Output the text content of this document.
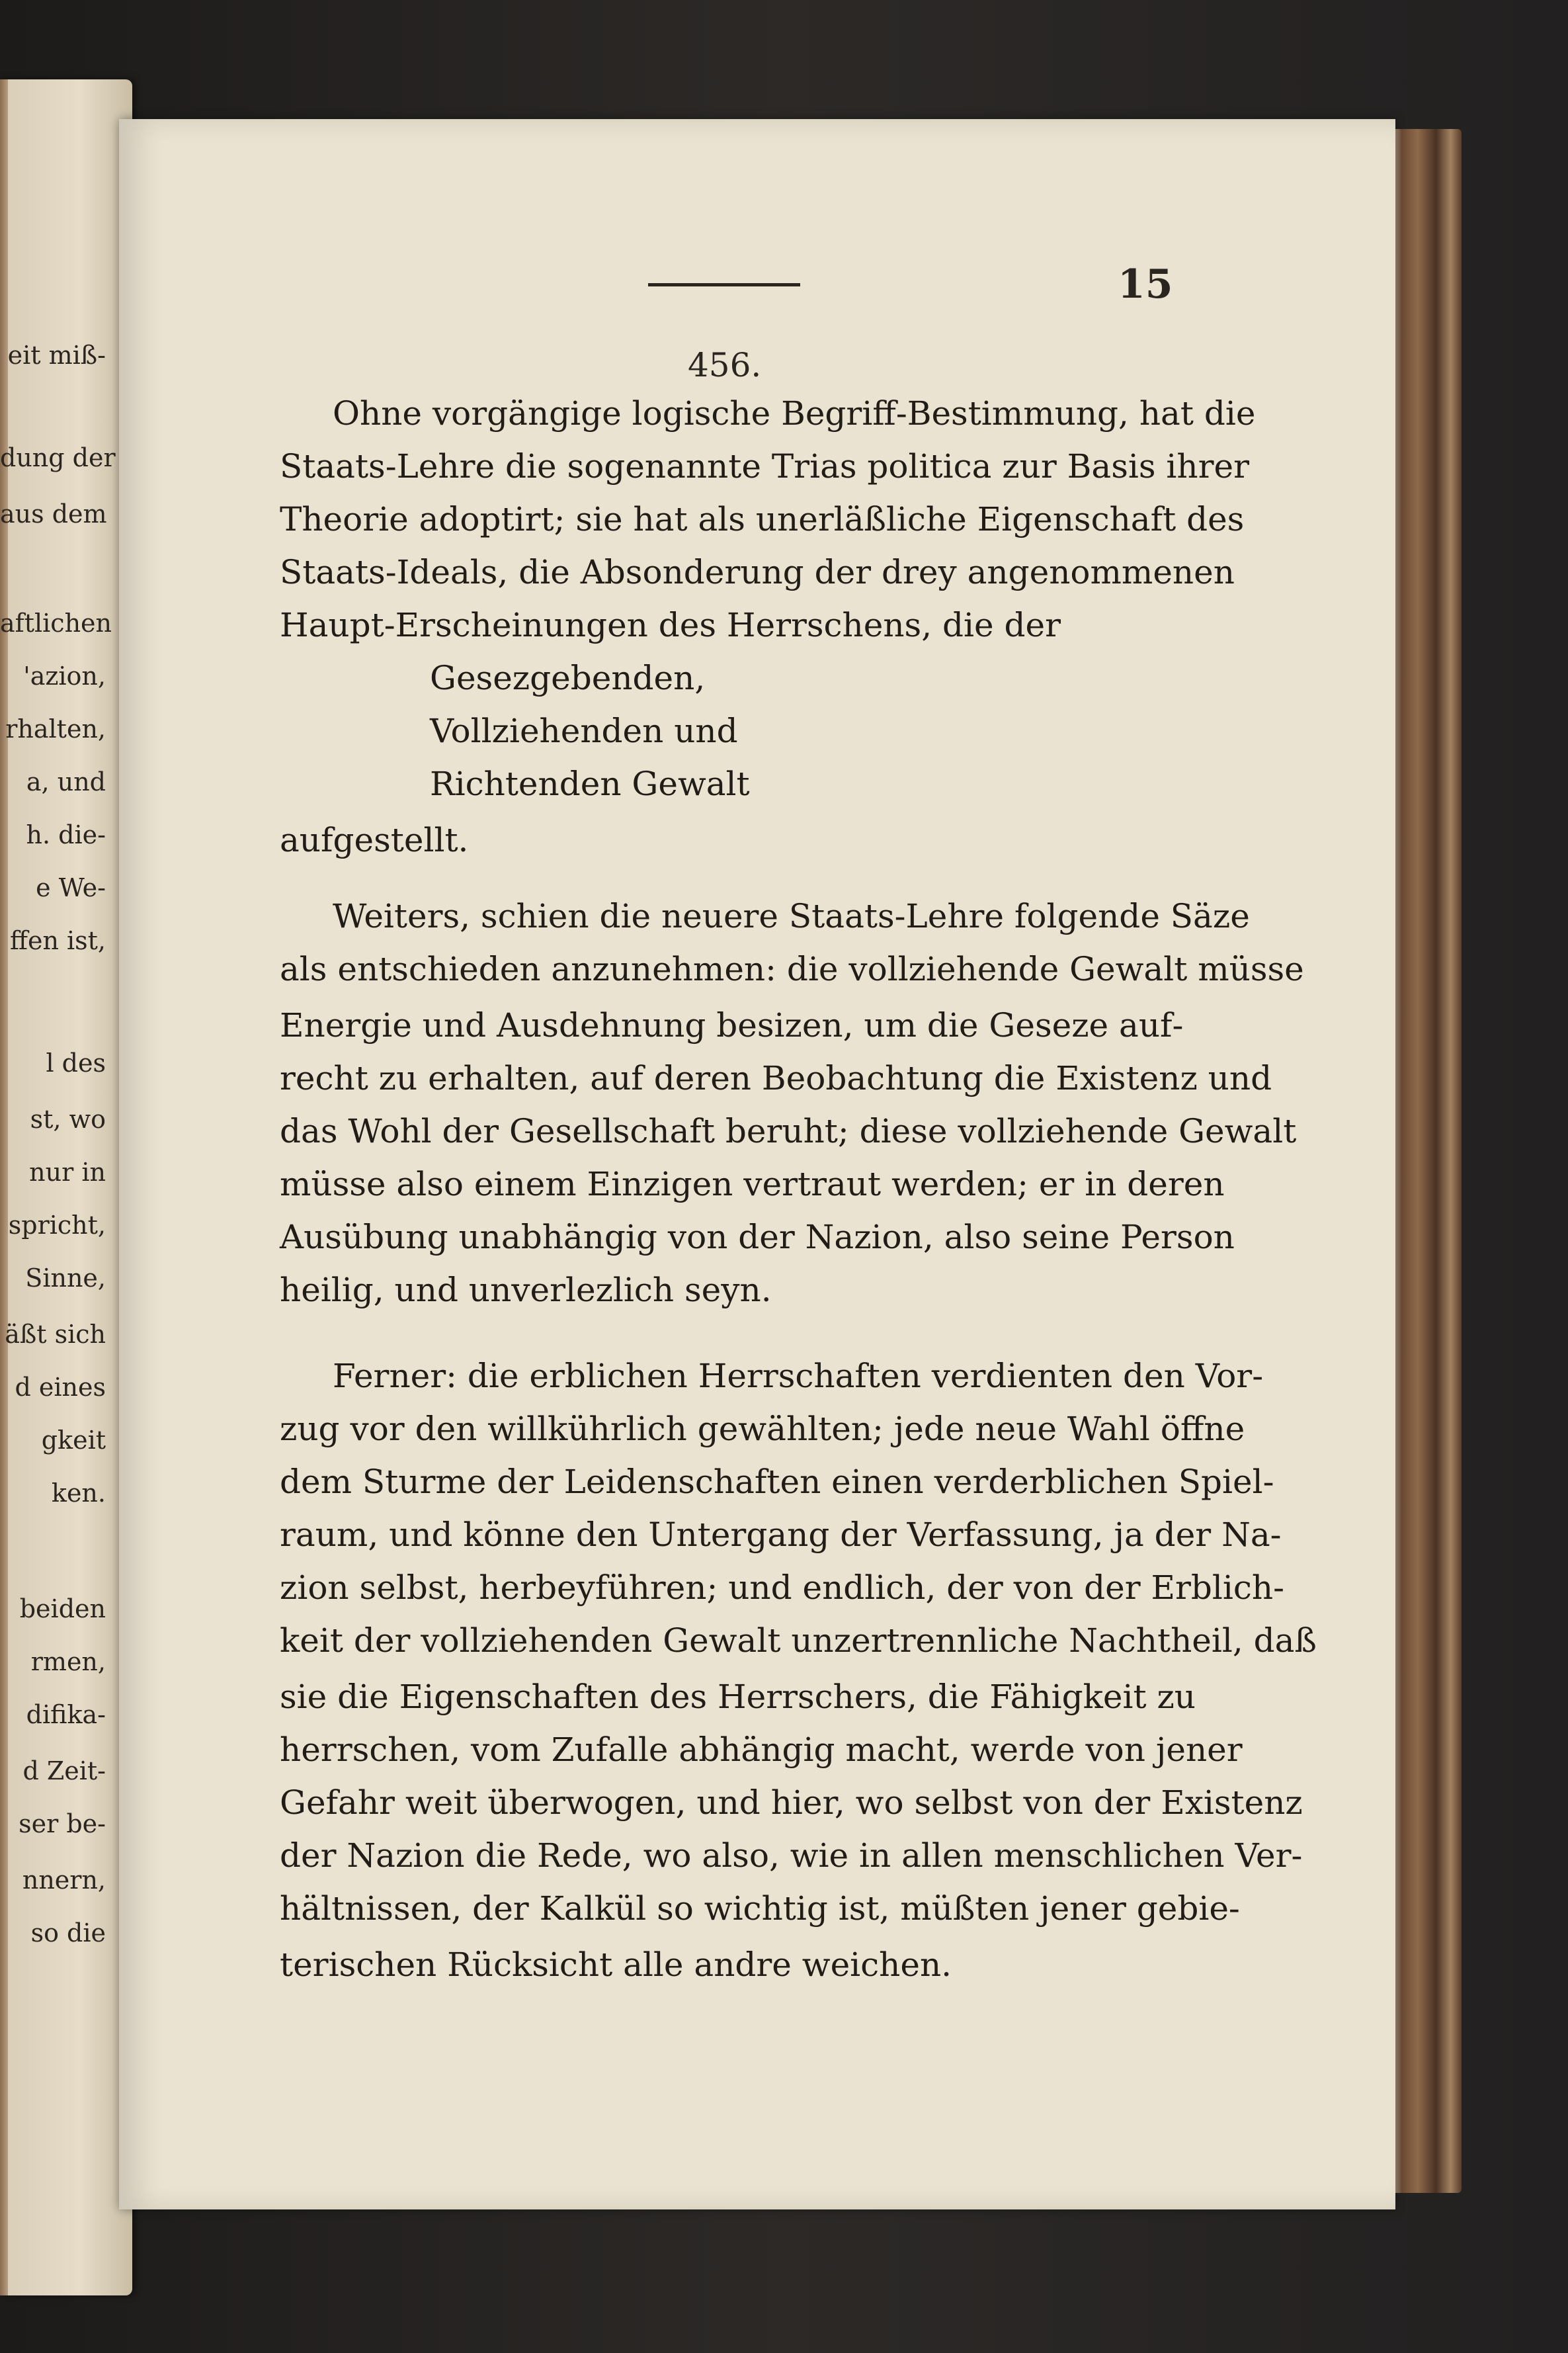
eit miß‑
dung der
aus dem
aftlichen
'azion,
rhalten,
a, und
h. die‑
e We‑
ffen ist,
l des
st, wo
nur in
spricht,
Sinne,
äßt sich
d eines
gkeit
ken.
beiden
rmen,
difika‑
d Zeit‑
ser be‑
nnern,
so die
15
456.
Ohne vorgängige logische Begriff‑Bestimmung, hat die
Staats‑Lehre die sogenannte Trias politica zur Basis ihrer
Theorie adoptirt; sie hat als unerläßliche Eigenschaft des
Staats‑Ideals, die Absonderung der drey angenommenen
Haupt‑Erscheinungen des Herrschens, die der
Gesezgebenden,
Vollziehenden und
Richtenden Gewalt
aufgestellt.
Weiters, schien die neuere Staats‑Lehre folgende Säze
als entschieden anzunehmen: die vollziehende Gewalt müsse
Energie und Ausdehnung besizen, um die Geseze auf‑
recht zu erhalten, auf deren Beobachtung die Existenz und
das Wohl der Gesellschaft beruht; diese vollziehende Gewalt
müsse also einem Einzigen vertraut werden; er in deren
Ausübung unabhängig von der Nazion, also seine Person
heilig, und unverlezlich seyn.
Ferner: die erblichen Herrschaften verdienten den Vor‑
zug vor den willkührlich gewählten; jede neue Wahl öffne
dem Sturme der Leidenschaften einen verderblichen Spiel‑
raum, und könne den Untergang der Verfassung, ja der Na‑
zion selbst, herbeyführen; und endlich, der von der Erblich‑
keit der vollziehenden Gewalt unzertrennliche Nachtheil, daß
sie die Eigenschaften des Herrschers, die Fähigkeit zu
herrschen, vom Zufalle abhängig macht, werde von jener
Gefahr weit überwogen, und hier, wo selbst von der Existenz
der Nazion die Rede, wo also, wie in allen menschlichen Ver‑
hältnissen, der Kalkül so wichtig ist, müßten jener gebie‑
terischen Rücksicht alle andre weichen.
